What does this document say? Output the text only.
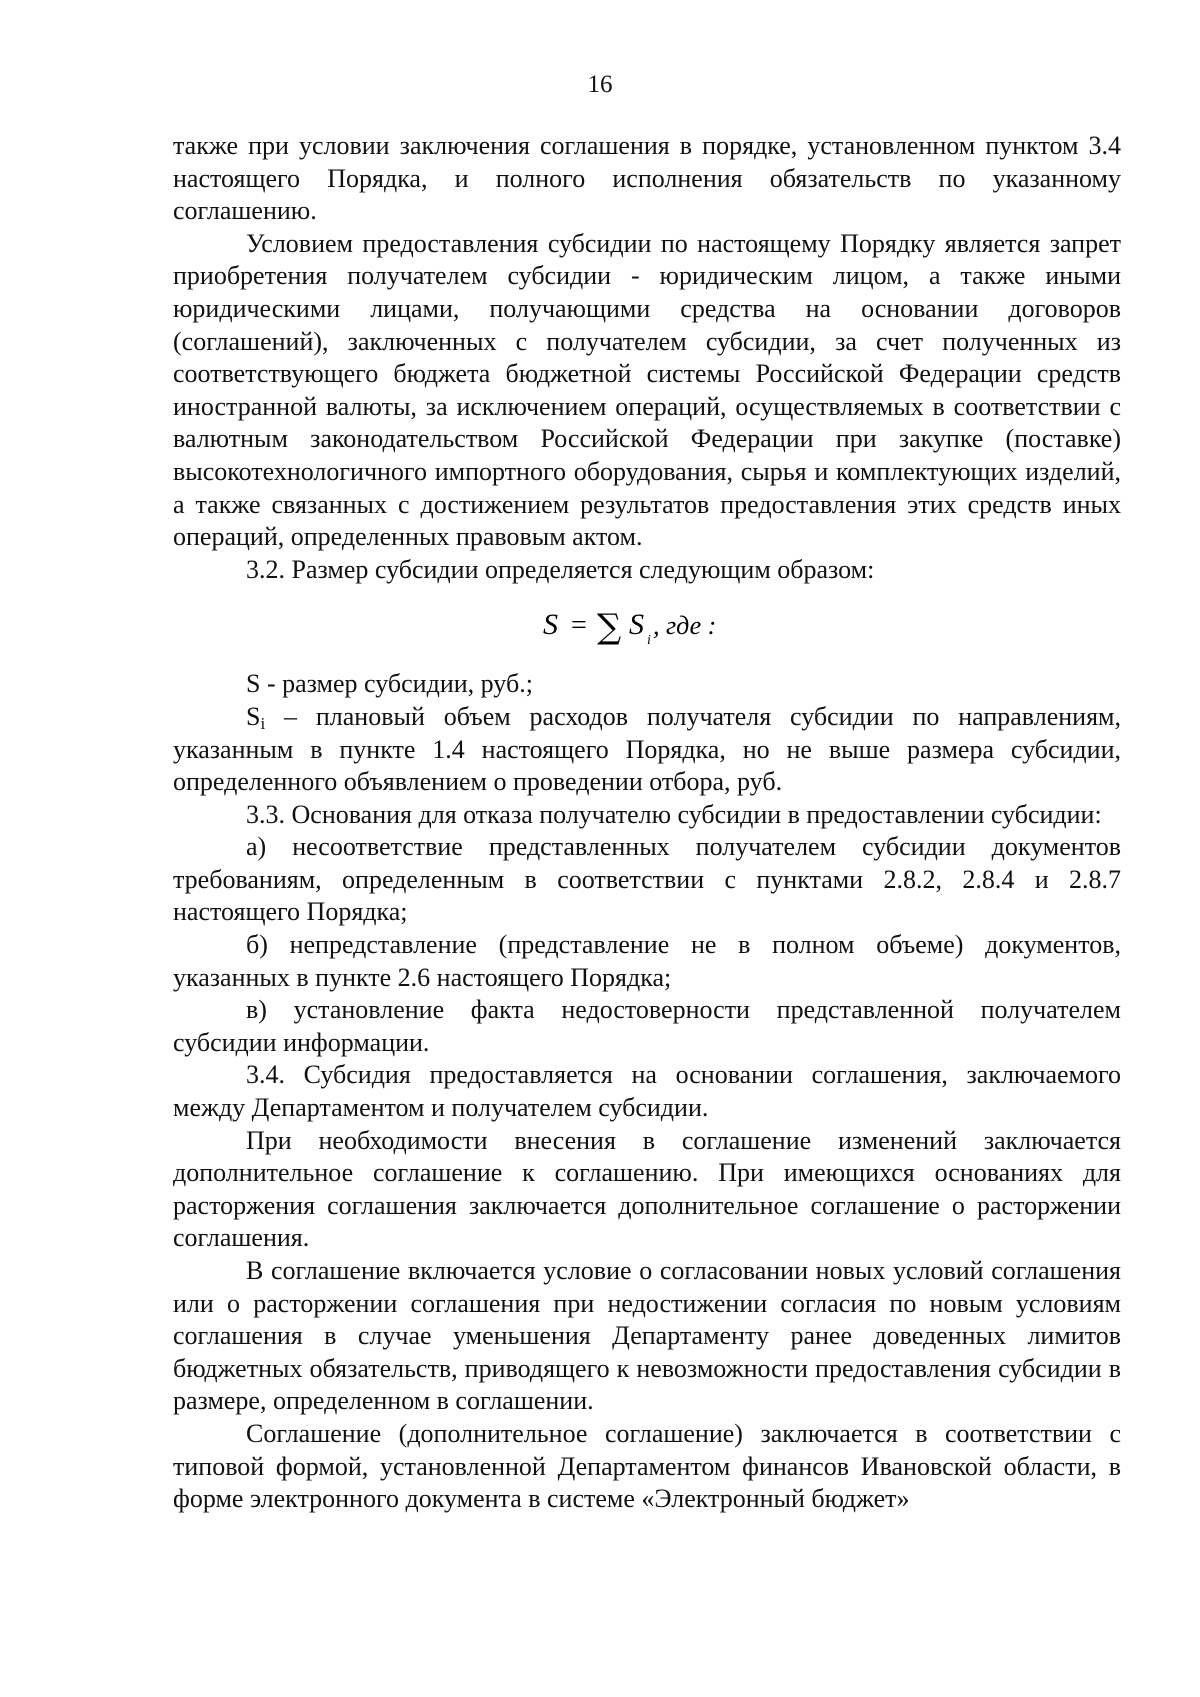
16

также при условии заключения соглашения в порядке, установленном пунктом 3.4 настоящего Порядка, и полного исполнения обязательств по указанному соглашению.

Условием предоставления субсидии по настоящему Порядку является запрет приобретения получателем субсидии - юридическим лицом, а также иными юридическими лицами, получающими средства на основании договоров (соглашений), заключенных с получателем субсидии, за счет полученных из соответствующего бюджета бюджетной системы Российской Федерации средств иностранной валюты, за исключением операций, осуществляемых в соответствии с валютным законодательством Российской Федерации при закупке (поставке) высокотехнологичного импортного оборудования, сырья и комплектующих изделий, а также связанных с достижением результатов предоставления этих средств иных операций, определенных правовым актом.

3.2. Размер субсидии определяется следующим образом:

S = ∑ S i
, где :

S - размер субсидии, руб.;

$S_i$ – плановый объем расходов получателя субсидии по направлениям, указанным в пункте 1.4 настоящего Порядка, но не выше размера субсидии, определенного объявлением о проведении отбора, руб.

3.3. Основания для отказа получателю субсидии в предоставлении субсидии:

а) несоответствие представленных получателем субсидии документов требованиям, определенным в соответствии с пунктами 2.8.2, 2.8.4 и 2.8.7 настоящего Порядка;

б) непредставление (представление не в полном объеме) документов, указанных в пункте 2.6 настоящего Порядка;

в) установление факта недостоверности представленной получателем субсидии информации.

3.4. Субсидия предоставляется на основании соглашения, заключаемого между Департаментом и получателем субсидии.

При необходимости внесения в соглашение изменений заключается дополнительное соглашение к соглашению. При имеющихся основаниях для расторжения соглашения заключается дополнительное соглашение о расторжении соглашения.

В соглашение включается условие о согласовании новых условий соглашения или о расторжении соглашения при недостижении согласия по новым условиям соглашения в случае уменьшения Департаменту ранее доведенных лимитов бюджетных обязательств, приводящего к невозможности предоставления субсидии в размере, определенном в соглашении.

Соглашение (дополнительное соглашение) заключается в соответствии с типовой формой, установленной Департаментом финансов Ивановской области, в форме электронного документа в системе «Электронный бюджет»
